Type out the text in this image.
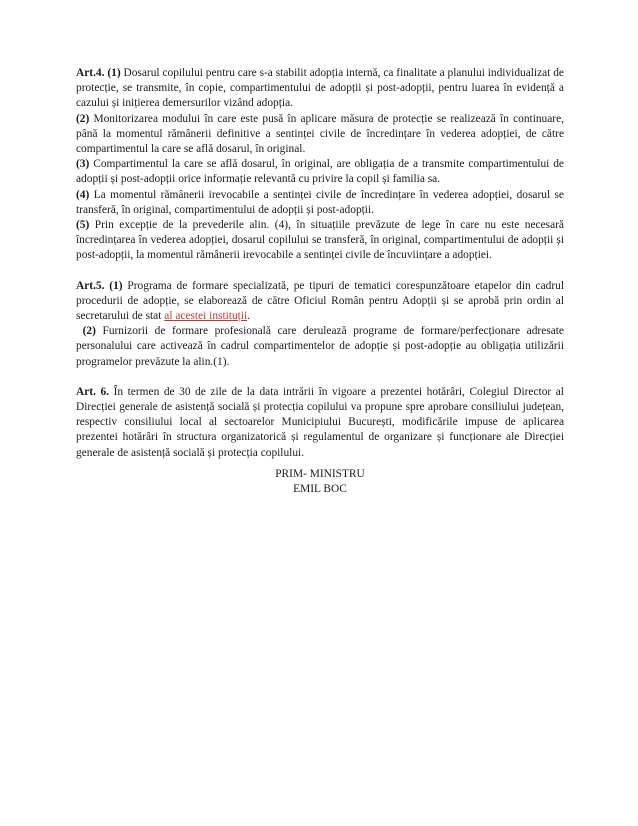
Art.4. (1) Dosarul copilului pentru care s-a stabilit adopția internă, ca finalitate a planului individualizat de protecție, se transmite, în copie, compartimentului de adopții și post-adopții, pentru luarea în evidență a cazului și inițierea demersurilor vizând adopția.

(2) Monitorizarea modului în care este pusă în aplicare măsura de protecție se realizează în continuare, până la momentul rămânerii definitive a sentinței civile de încredințare în vederea adopției, de către compartimentul la care se află dosarul, în original.

(3) Compartimentul la care se află dosarul, în original, are obligația de a transmite compartimentului de adopții și post-adopții orice informație relevantă cu privire la copil și familia sa.

(4) La momentul rămânerii irevocabile a sentinței civile de încredințare în vederea adopției, dosarul se transferă, în original, compartimentului de adopții și post-adopții.

(5) Prin excepție de la prevederile alin. (4), în situațiile prevăzute de lege în care nu este necesară încredințarea în vederea adopției, dosarul copilului se transferă, în original, compartimentului de adopții și post-adopții, la momentul rămânerii irevocabile a sentinței civile de încuviințare a adopției.

Art.5. (1) Programa de formare specializată, pe tipuri de tematici corespunzătoare etapelor din cadrul procedurii de adopție, se elaborează de către Oficiul Român pentru Adopții și se aprobă prin ordin al secretarului de stat al acestei instituții.

(2) Furnizorii de formare profesională care derulează programe de formare/perfecționare adresate personalului care activează în cadrul compartimentelor de adopție și post-adopție au obligația utilizării programelor prevăzute la alin.(1).

Art. 6. În termen de 30 de zile de la data intrării în vigoare a prezentei hotărâri, Colegiul Director al Direcției generale de asistență socială și protecția copilului va propune spre aprobare consiliului județean, respectiv consiliului local al sectoarelor Municipiului București, modificările impuse de aplicarea prezentei hotărâri în structura organizatorică și regulamentul de organizare și funcționare ale Direcției generale de asistență socială și protecția copilului.

PRIM- MINISTRU
EMIL BOC
